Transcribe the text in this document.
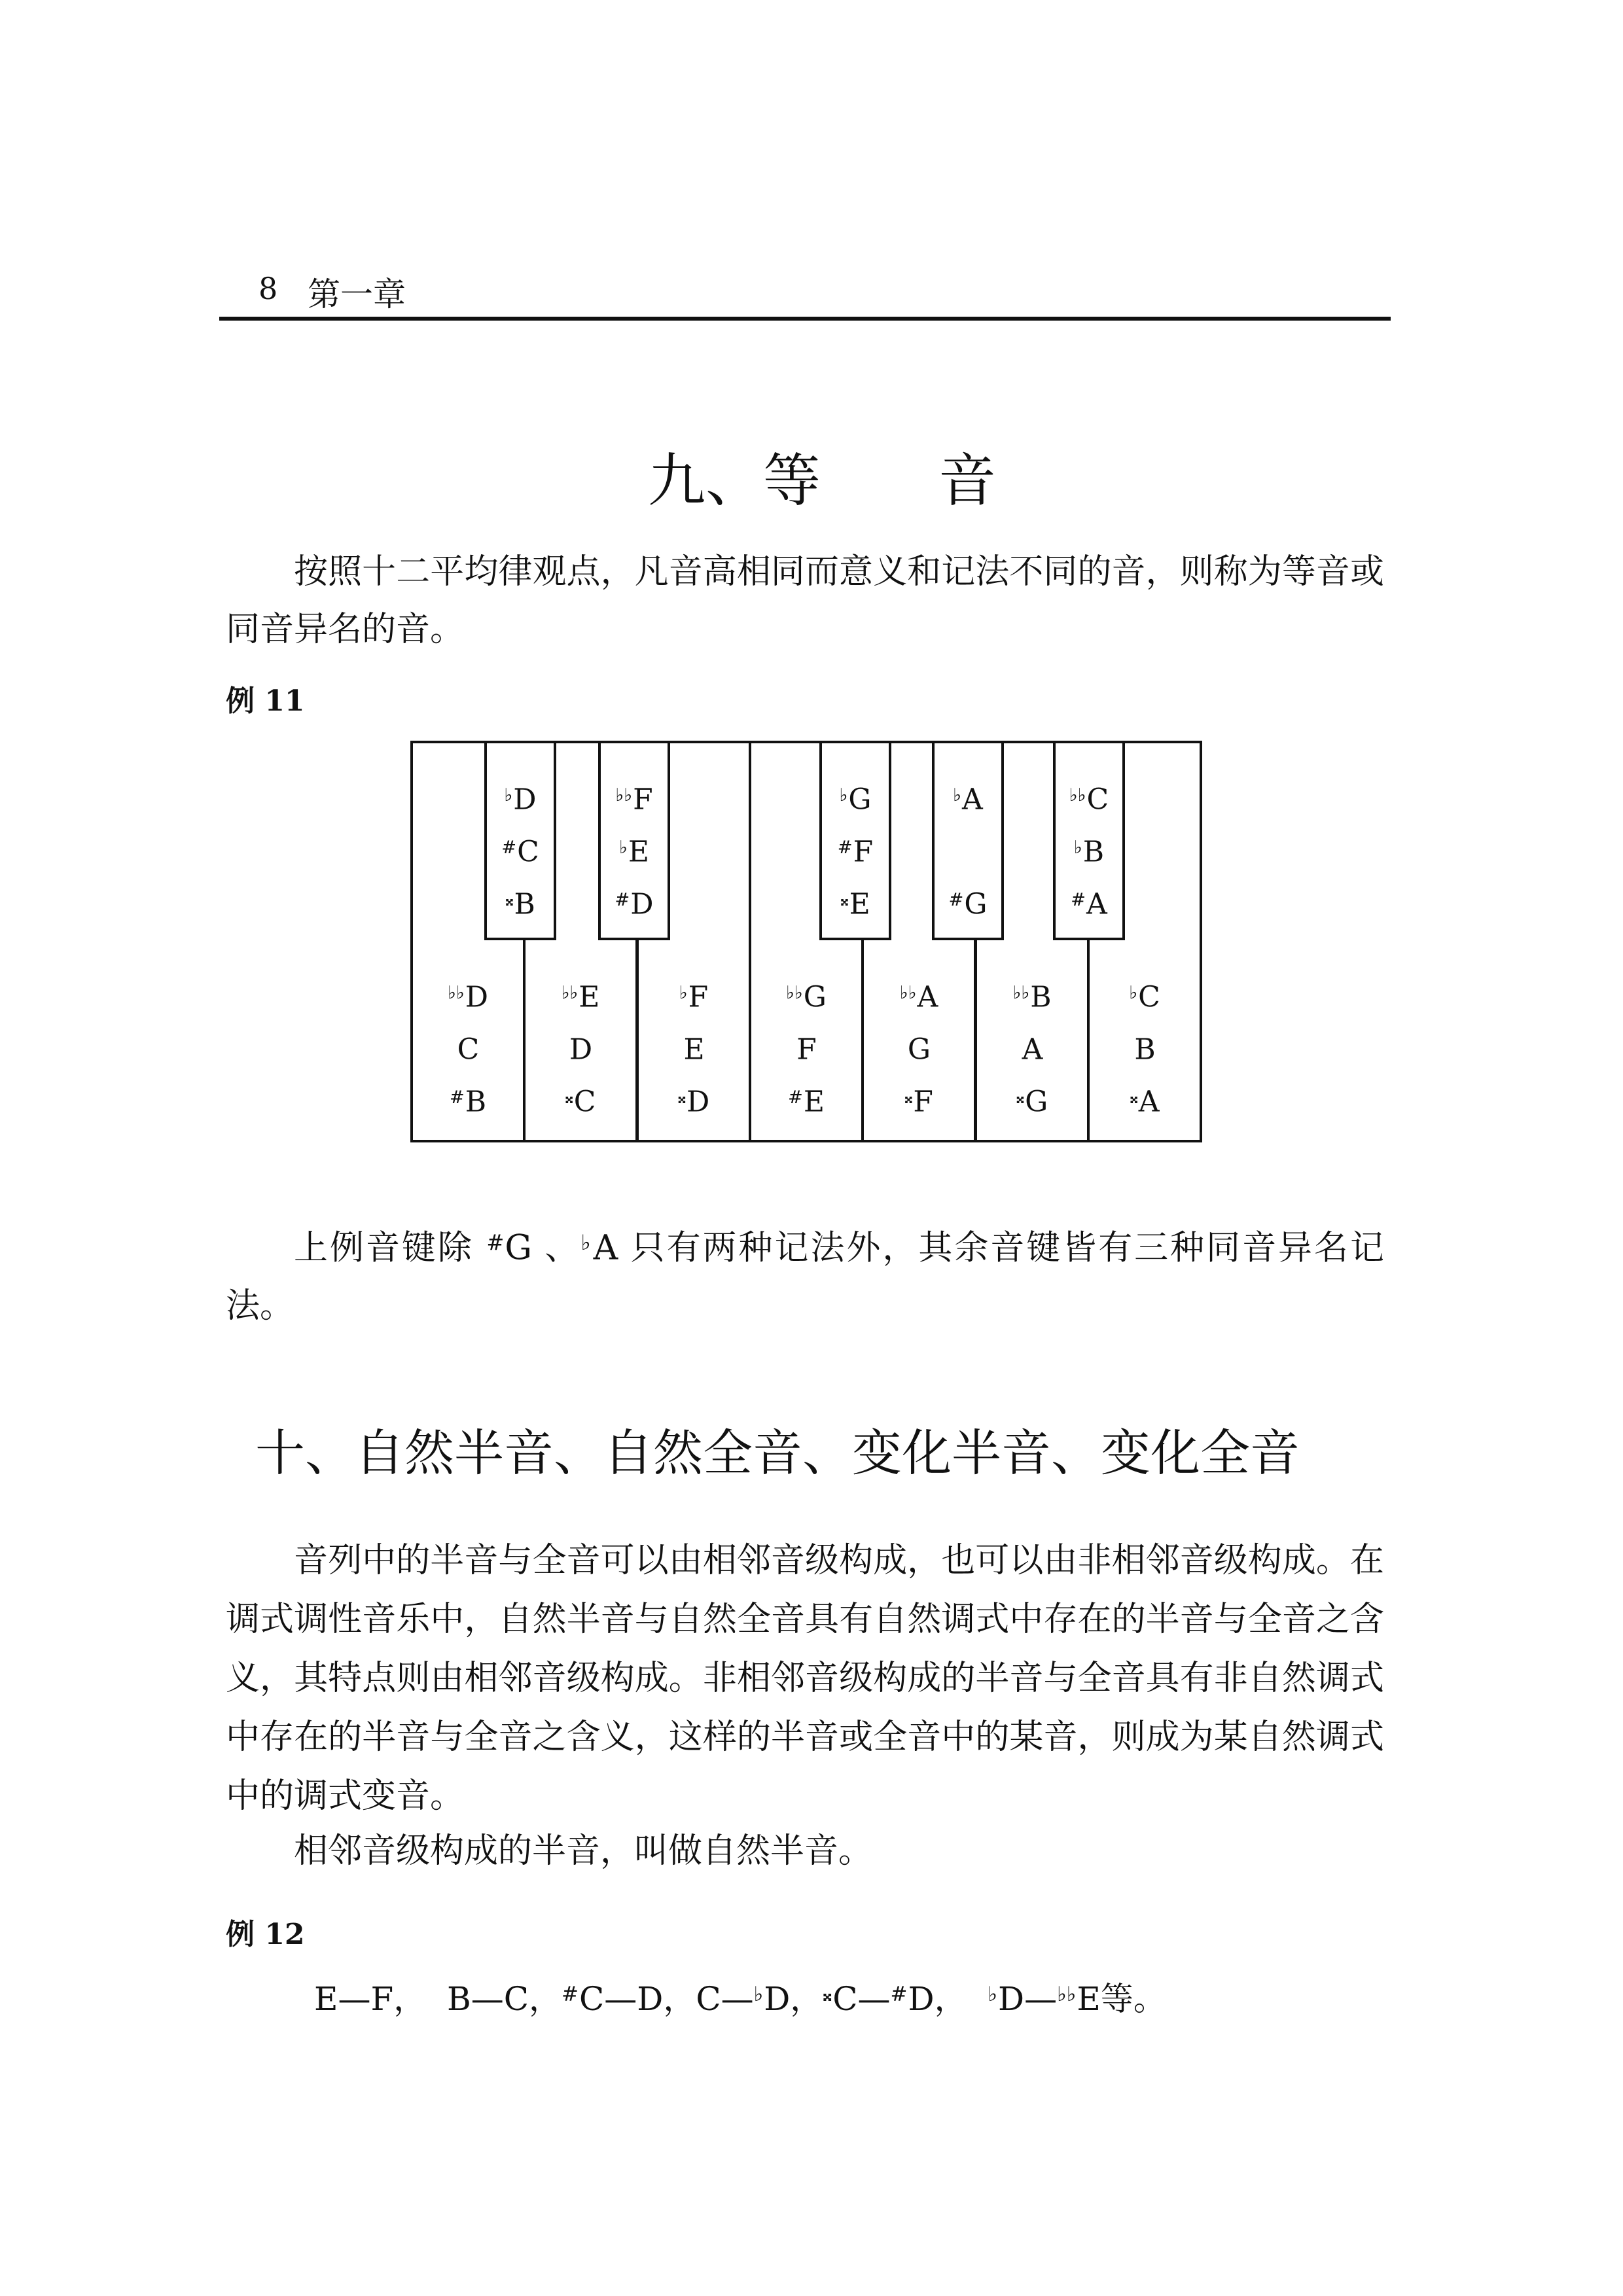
8 第一章
九、等 音
按照十二平均律观点，凡音高相同而意义和记法不同的音，则称为等音或同音异名的音。
例 11
♭♭D
C
#B
♭♭E
D
𝄪C
♭F
E
𝄪D
♭♭G
F
#E
♭♭A
G
𝄪F
♭♭B
A
𝄪G
♭C
B
𝄪A
♭D
#C
𝄪B
♭♭F
♭E
#D
♭G
#F
𝄪E
♭A
#G
♭♭C
♭B
#A
上例音键除 #G 、♭A 只有两种记法外，其余音键皆有三种同音异名记法。
十、自然半音、自然全音、变化半音、变化全音
音列中的半音与全音可以由相邻音级构成，也可以由非相邻音级构成。在调式调性音乐中，自然半音与自然全音具有自然调式中存在的半音与全音之含义，其特点则由相邻音级构成。非相邻音级构成的半音与全音具有非自然调式中存在的半音与全音之含义，这样的半音或全音中的某音，则成为某自然调式中的调式变音。
相邻音级构成的半音，叫做自然半音。
例 12
E—F，  B—C，#C—D，C—♭D，𝄪C—#D，  ♭D—♭♭E等。
